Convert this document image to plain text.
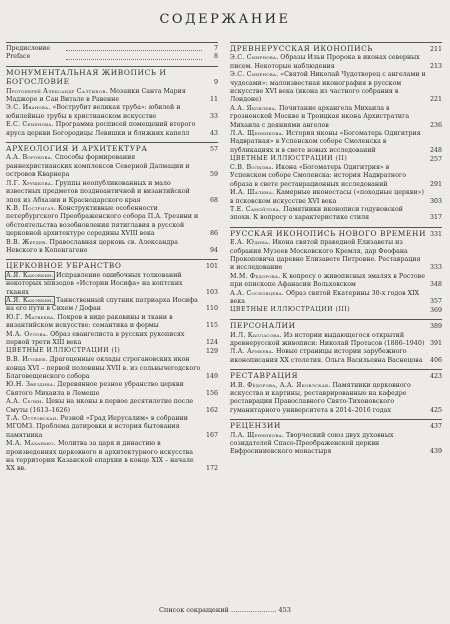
СОДЕРЖАНИЕ
Предисловие	7
Preface	8
МОНУМЕНТАЛЬНАЯ ЖИВОПИСЬ И БОГОСЛОВИЕ	9
Протоиерей Александр Салтыков. Мозаики Санта Мария Маджоре и Сан Витале в Равенне	11
Э.С. Иванова. «Вострубит великая труба»: юбилей и юбилейные трубы в христианском искусстве	33
Е.С. Семенова. Программа росписей помещений второго яруса церкви Богородицы Левишки и ближних капелл	43
АРХЕОЛОГИЯ И АРХИТЕКТУРА	57
А.А. Воронова. Способы формирования раннехристианских комплексов Северной Далмации и островов Кварнера	59
Л.Г. Хрушкова. Группы неопубликованных и мало известных предметов позднеантичной и византийской эпох из Абхазии и Краснодарского края	68
К.В. Постригач. Конструктивные особенности петербургского Преображенского собора П.А. Трезини и обстоятельства возобновления пятиглавия в русской церковной архитектуре середины XVIII века	86
В.В. Жердев. Православная церковь св. Александра Невского в Копенгагене	94
ЦЕРКОВНОЕ УБРАНСТВО	101
А.Я. Каковкин. Исправление ошибочных толкований некоторых эпизодов «Истории Иосифа» на коптских тканях	103
А.Я. Каковкин. Таинственный спутник патриарха Иосифа на его пути в Сихем / Дофан	110
Ю.Г. Матвеева. Покров в виде раковины и ткани в византийском искусстве: семантика и формы	115
М.А. Орлова. Образ евангелиста в русских рукописях первой трети XIII века	124
ЦВЕТНЫЕ ИЛЛЮСТРАЦИИ (I)	129
В.В. Игошев. Драгоценные оклады строгановских икон конца XVI – первой половины XVII в. из сольвычегодского Благовещенского собора	149
Ю.Н. Звездина. Деревянное резное убранство церкви Святого Михаила в Лемеше	156
А.А. Селин. Цены на иконы в первое десятилетие после Смуты (1613–1626)	162
Т.А. Островская. Резной «Град Иерусалим» в собрании МГОМЗ. Проблема датировки и история бытования памятника	167
М.А. Маханько. Молитва за царя и династию в произведениях церковного и архитектурного искусства на территории Казанской епархии в конце XIX – начале XX вв.	172
ДРЕВНЕРУССКАЯ ИКОНОПИСЬ	211
Э.С. Смирнова. Образы Ильи Пророка в иконах северных писем. Некоторые наблюдения	213
Э.С. Смирнова. «Святой Николай Чудотворец с ангелами и чудесами»: малоизвестная иконография в русском искусстве XVI века (икона из частного собрания в Лондоне)	221
А.А. Яковлева. Почитание архангела Михаила в грозненской Москве и Троицкая икона Архистратига Михаила с деяниями ангелов	236
Л.А. Щенникова. История иконы «Богоматерь Одигитрия Надвратная» в Успенском соборе Смоленска в публикациях и в свете новых исследований	248
ЦВЕТНЫЕ ИЛЛЮСТРАЦИИ (II)	257
С.В. Волкова. Икона «Богоматерь Одигитрия» в Успенском соборе Смоленска: история Надвратного образа в свете реставрационных исследований	291
И.А. Шалина. Камерные иконостасы («походные церкви») в псковском искусстве XVI века	303
Т.Е. Самойлова. Памятники иконописи годуновской эпохи. К вопросу о характеристике стиля	317
РУССКАЯ ИКОНОПИСЬ НОВОГО ВРЕМЕНИ 331
Е.А. Юдина. Икона святой праведной Елизаветы из собрания Музеев Московского Кремля, дар Феофана Прокоповича царевне Елизавете Петровне. Реставрация и исследование	333
М.М. Федорова. К вопросу о живописных эмалях в Ростове при епископе Афанасии Вольховском	348
А.А. Сосновцева. Образ святой Екатерины 30-х годов XIX века	357
ЦВЕТНЫЕ ИЛЛЮСТРАЦИИ (III)	369
ПЕРСОНАЛИИ	389
И.Л. Кызласова. Из истории выдающегося открытий древнерусской живописи: Николай Протасов (1886–1940) 391
Л.А. Армеева. Новые страницы истории зарубежного иконописания XX столетия. Ольга Васильевна Васнецова 406
РЕСТАВРАЦИЯ	423
И.В. Фёдорова, А.А. Яковлская. Памятники церковного искусства и картины, реставрированные на кафедре реставрации Православного Свято-Тихоновского гуманитарного университета в 2014–2016 годах	425
РЕЦЕНЗИИ	437
Л.А. Щенникова. Творческий союз двух духовных созидателей Спасо-Преображенской церкви Евфросиниевского монастыря	439
Список сокращений ………………… 453
